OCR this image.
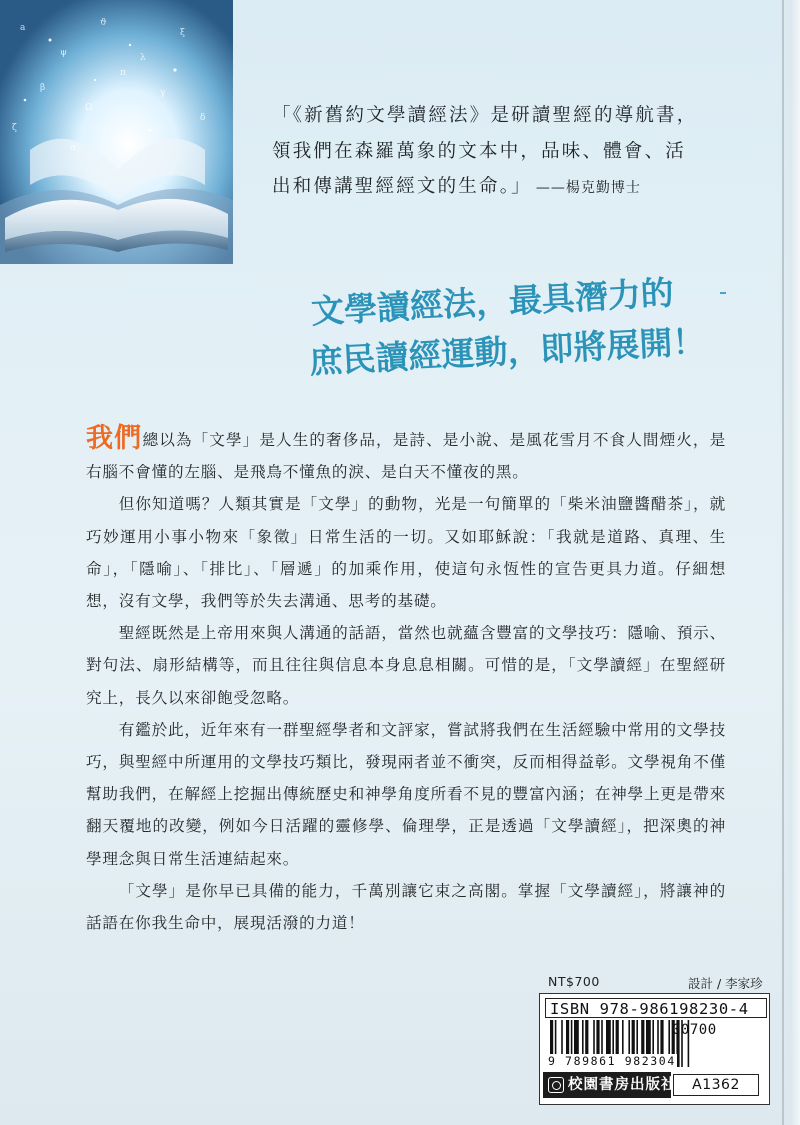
a
ψ
ϑ
λ
ξ
β
Ω
γ
δ
ζ
π
σ
「《新舊約文學讀經法》是研讀聖經的導航書，
領我們在森羅萬象的文本中，品味、體會、活
出和傳講聖經經文的生命。」 ——楊克勤博士
文學讀經法，最具潛力的
庶民讀經運動，即將展開！

我們總以為「文學」是人生的奢侈品，是詩、是小說、是風花雪月不食人間煙火，是右腦不會懂的左腦、是飛鳥不懂魚的淚、是白天不懂夜的黑。

但你知道嗎？人類其實是「文學」的動物，光是一句簡單的「柴米油鹽醬醋茶」，就巧妙運用小事小物來「象徵」日常生活的一切。又如耶穌說：「我就是道路、真理、生命」，「隱喻」、「排比」、「層遞」的加乘作用，使這句永恆性的宣告更具力道。仔細想想，沒有文學，我們等於失去溝通、思考的基礎。

聖經既然是上帝用來與人溝通的話語，當然也就蘊含豐富的文學技巧：隱喻、預示、對句法、扇形結構等，而且往往與信息本身息息相關。可惜的是，「文學讀經」在聖經研究上，長久以來卻飽受忽略。

有鑑於此，近年來有一群聖經學者和文評家，嘗試將我們在生活經驗中常用的文學技巧，與聖經中所運用的文學技巧類比，發現兩者並不衝突，反而相得益彰。文學視角不僅幫助我們，在解經上挖掘出傳統歷史和神學角度所看不見的豐富內涵；在神學上更是帶來翻天覆地的改變，例如今日活躍的靈修學、倫理學，正是透過「文學讀經」，把深奧的神學理念與日常生活連結起來。

「文學」是你早已具備的能力，千萬別讓它束之高閣。掌握「文學讀經」，將讓神的話語在你我生命中，展現活潑的力道！

NT$700	設計 / 李家珍
ISBN 978-986198230-4
00700
9 789861 982304
校園書房出版社	A1362
